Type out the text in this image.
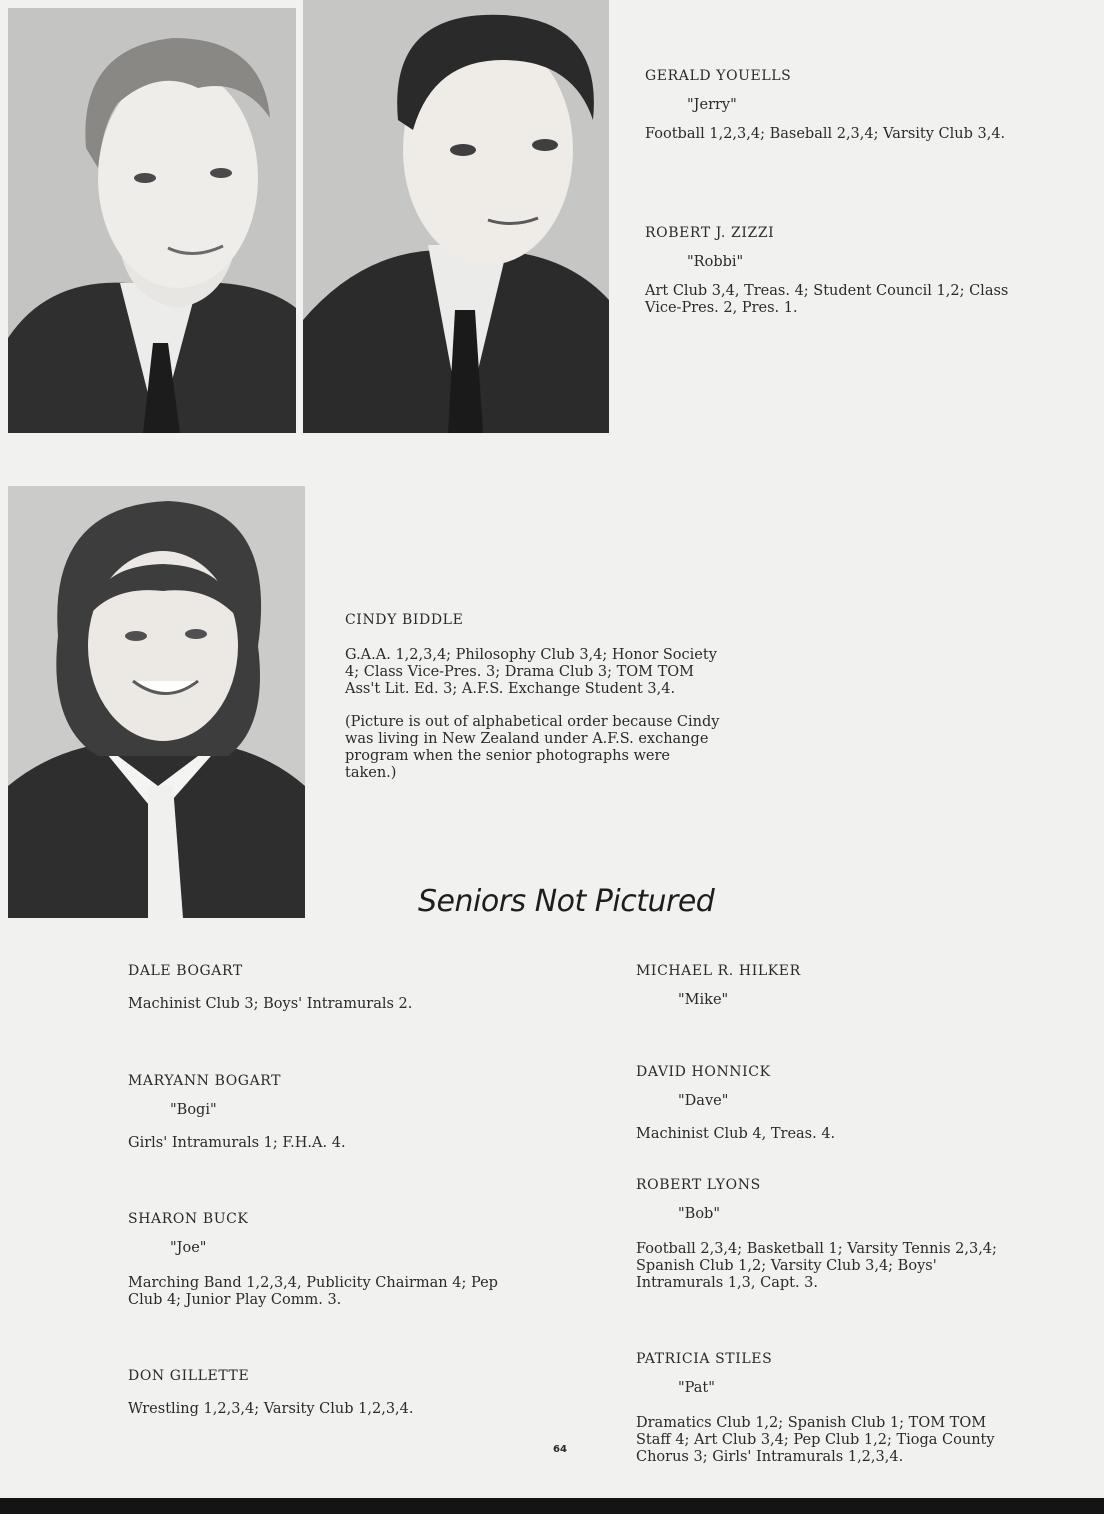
GERALD YOUELLS
"Jerry"
Football 1,2,3,4; Baseball 2,3,4; Varsity Club 3,4.
ROBERT J. ZIZZI
"Robbi"
Art Club 3,4, Treas. 4; Student Council 1,2; Class Vice-Pres. 2, Pres. 1.
CINDY BIDDLE
G.A.A. 1,2,3,4; Philosophy Club 3,4; Honor Society 4; Class Vice-Pres. 3; Drama Club 3; TOM TOM Ass't Lit. Ed. 3; A.F.S. Exchange Student 3,4.
(Picture is out of alphabetical order because Cindy was living in New Zealand under A.F.S. exchange program when the senior photographs were taken.)
Seniors Not Pictured
DALE BOGART
Machinist Club 3; Boys' Intramurals 2.
MARYANN BOGART
"Bogi"
Girls' Intramurals 1; F.H.A. 4.
SHARON BUCK
"Joe"
Marching Band 1,2,3,4, Publicity Chairman 4; Pep Club 4; Junior Play Comm. 3.
DON GILLETTE
Wrestling 1,2,3,4; Varsity Club 1,2,3,4.
MICHAEL R. HILKER
"Mike"
DAVID HONNICK
"Dave"
Machinist Club 4, Treas. 4.
ROBERT LYONS
"Bob"
Football 2,3,4; Basketball 1; Varsity Tennis 2,3,4; Spanish Club 1,2; Varsity Club 3,4; Boys' Intramurals 1,3, Capt. 3.
PATRICIA STILES
"Pat"
Dramatics Club 1,2; Spanish Club 1; TOM TOM Staff 4; Art Club 3,4; Pep Club 1,2; Tioga County Chorus 3; Girls' Intramurals 1,2,3,4.
64
